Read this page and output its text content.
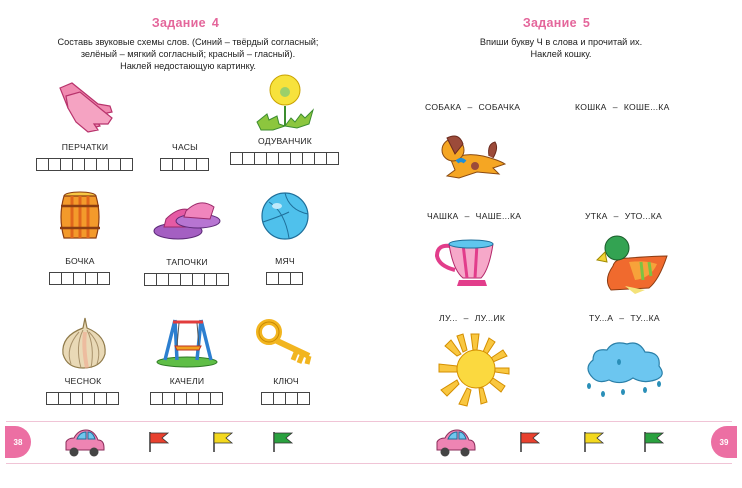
Задание 4
Составь звуковые схемы слов. (Синий – твёрдый согласный;
зелёный – мягкий согласный; красный – гласный).
Наклей недостающую картинку.
ПЕРЧАТКИ	ЧАСЫ
ОДУВАНЧИК
БОЧКА	ТАПОЧКИ	МЯЧ
ЧЕСНОК	КАЧЕЛИ	КЛЮЧ
Задание 5
Впиши букву Ч в слова и прочитай их.
Наклей кошку.
СОБАКА – СОБАЧКА	КОШКА – КОШЕ...КА
ЧАШКА – ЧАШЕ...КА	УТКА – УТО...КА
ЛУ... – ЛУ...ИК	ТУ...А – ТУ...КА
38	39
